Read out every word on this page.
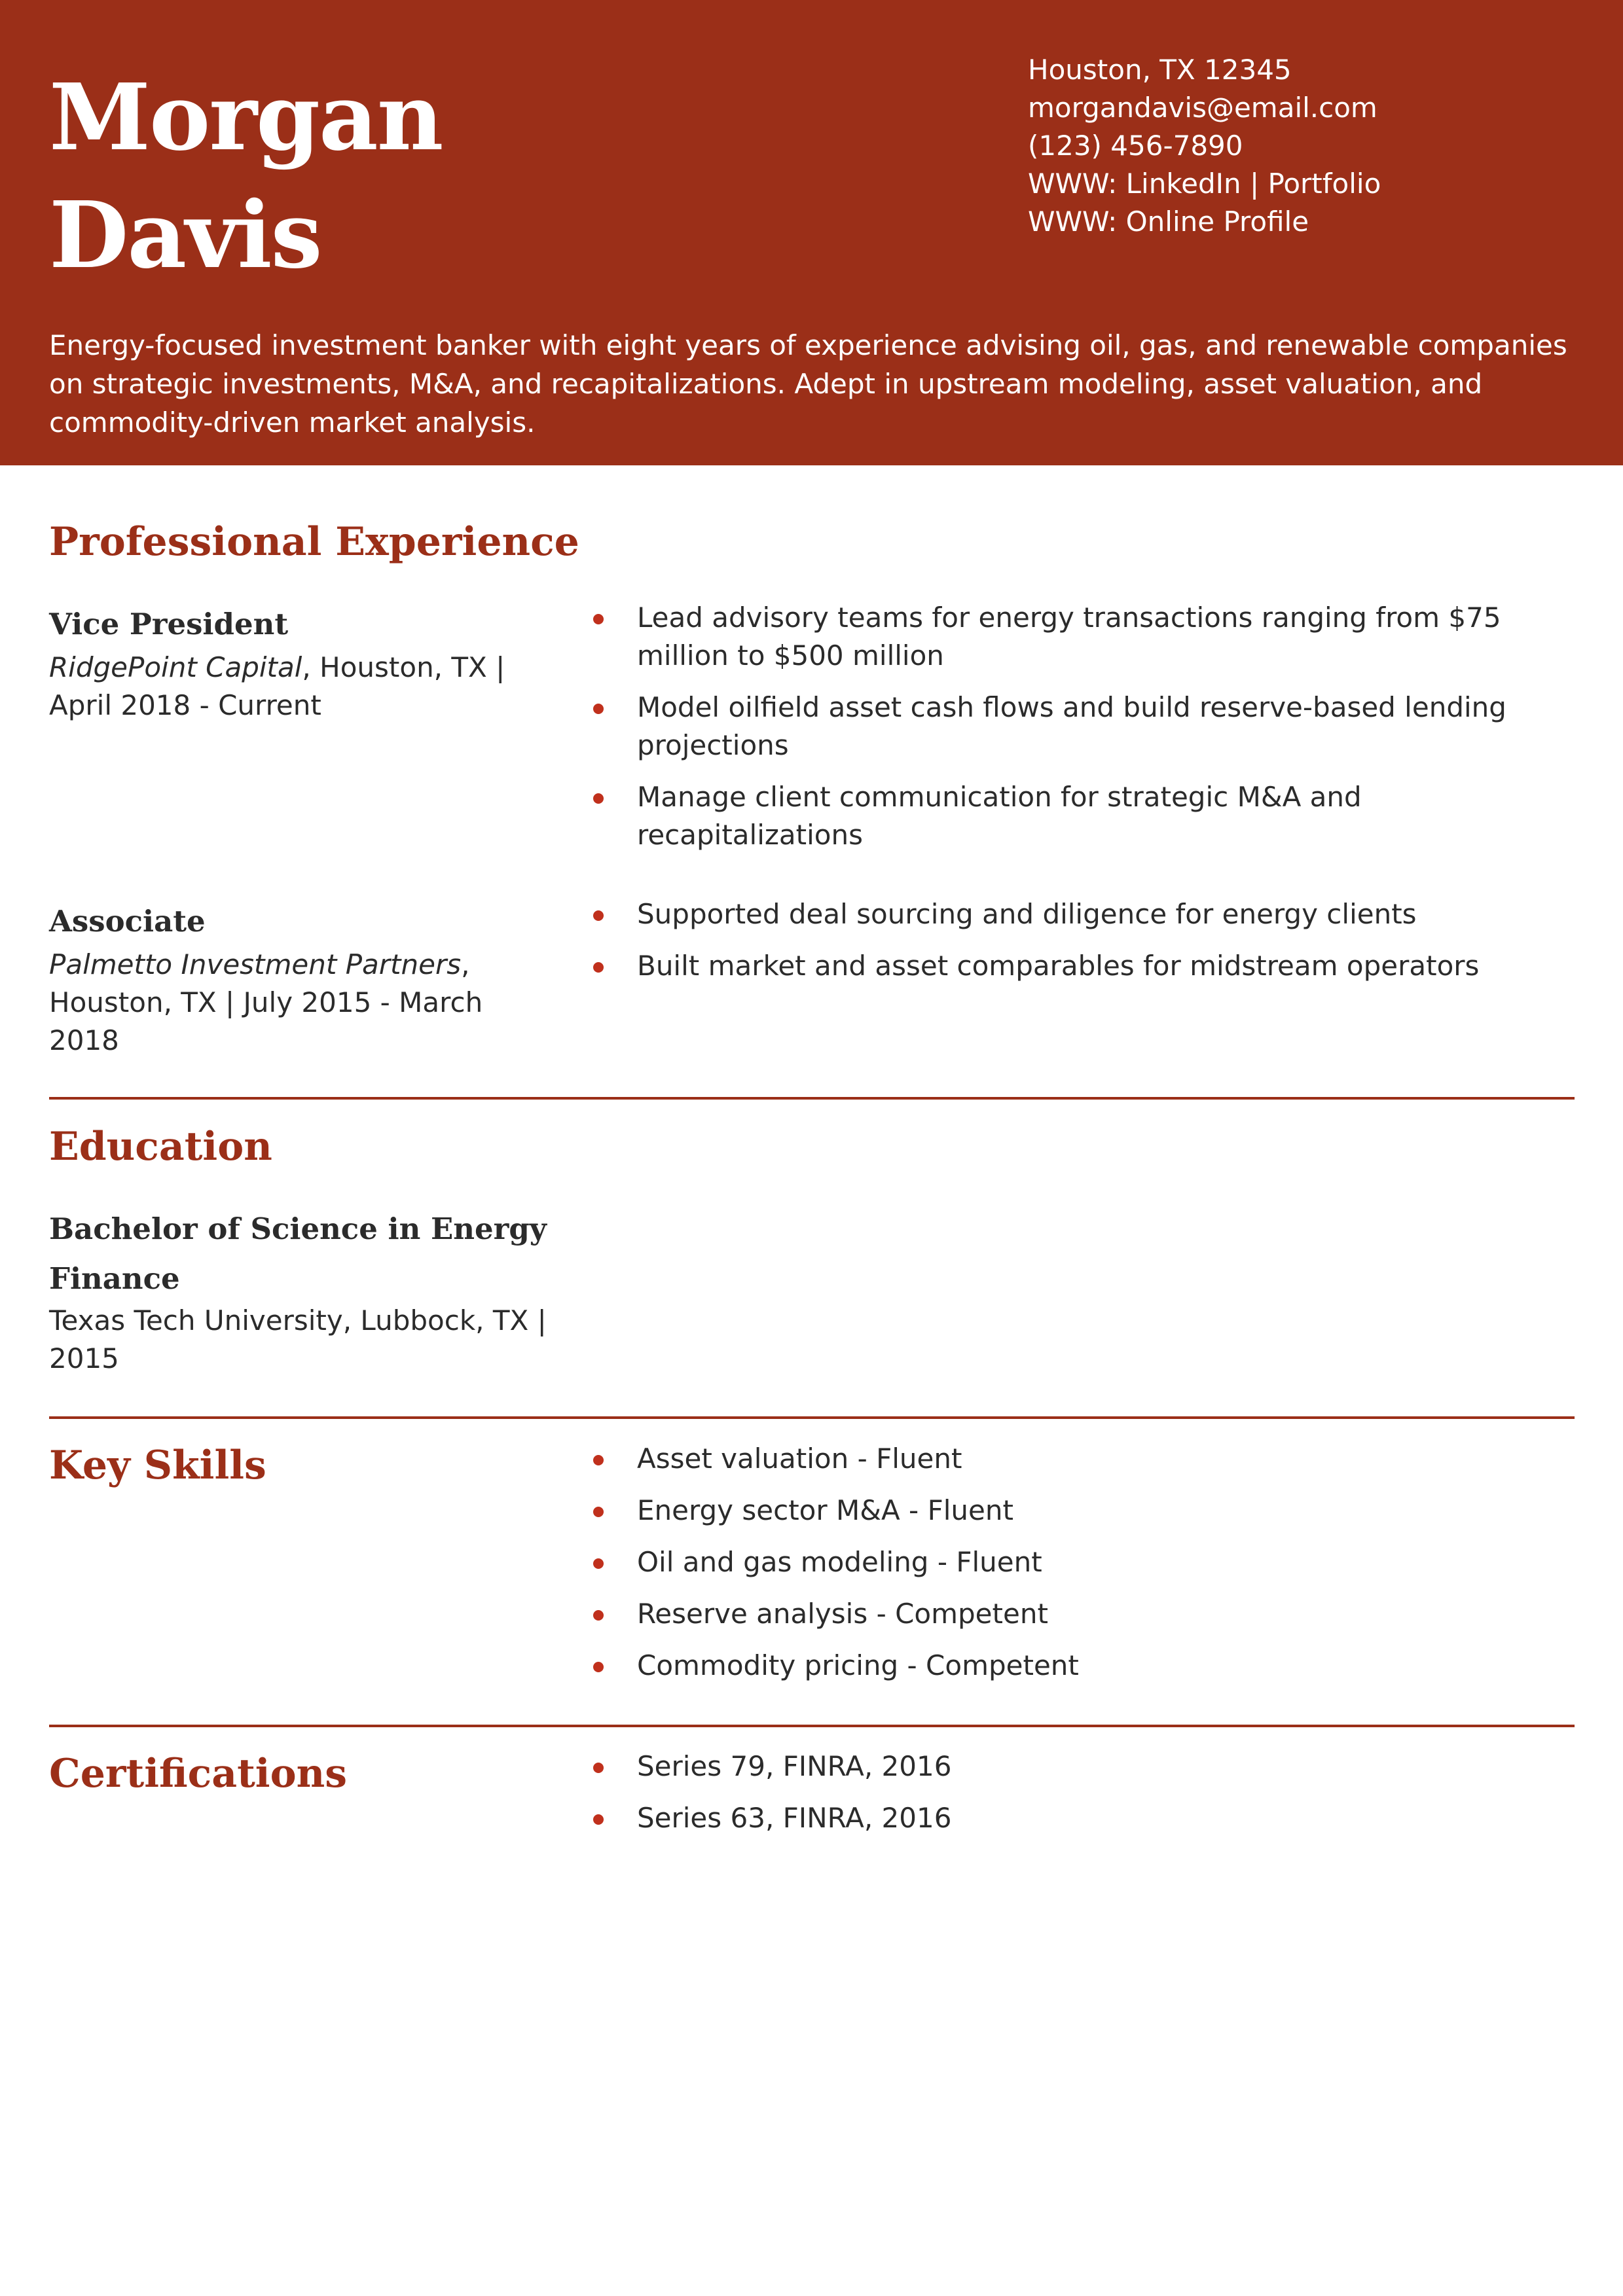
Morgan
Davis
Houston, TX 12345
morgandavis@email.com
(123) 456-7890
WWW: LinkedIn | Portfolio
WWW: Online Profile
Energy-focused investment banker with eight years of experience advising oil, gas, and renewable companies on strategic investments, M&A, and recapitalizations. Adept in upstream modeling, asset valuation, and commodity-driven market analysis.
Professional Experience
Vice President
RidgePoint Capital, Houston, TX | April 2018 - Current
Lead advisory teams for energy transactions ranging from $75 million to $500 million
Model oilfield asset cash flows and build reserve-based lending projections
Manage client communication for strategic M&A and recapitalizations
Associate
Palmetto Investment Partners, Houston, TX | July 2015 - March 2018
Supported deal sourcing and diligence for energy clients
Built market and asset comparables for midstream operators
Education
Bachelor of Science in Energy Finance
Texas Tech University, Lubbock, TX | 2015
Key Skills	Asset valuation - Fluent
Energy sector M&A - Fluent
Oil and gas modeling - Fluent
Reserve analysis - Competent
Commodity pricing - Competent
Certifications	Series 79, FINRA, 2016
Series 63, FINRA, 2016
